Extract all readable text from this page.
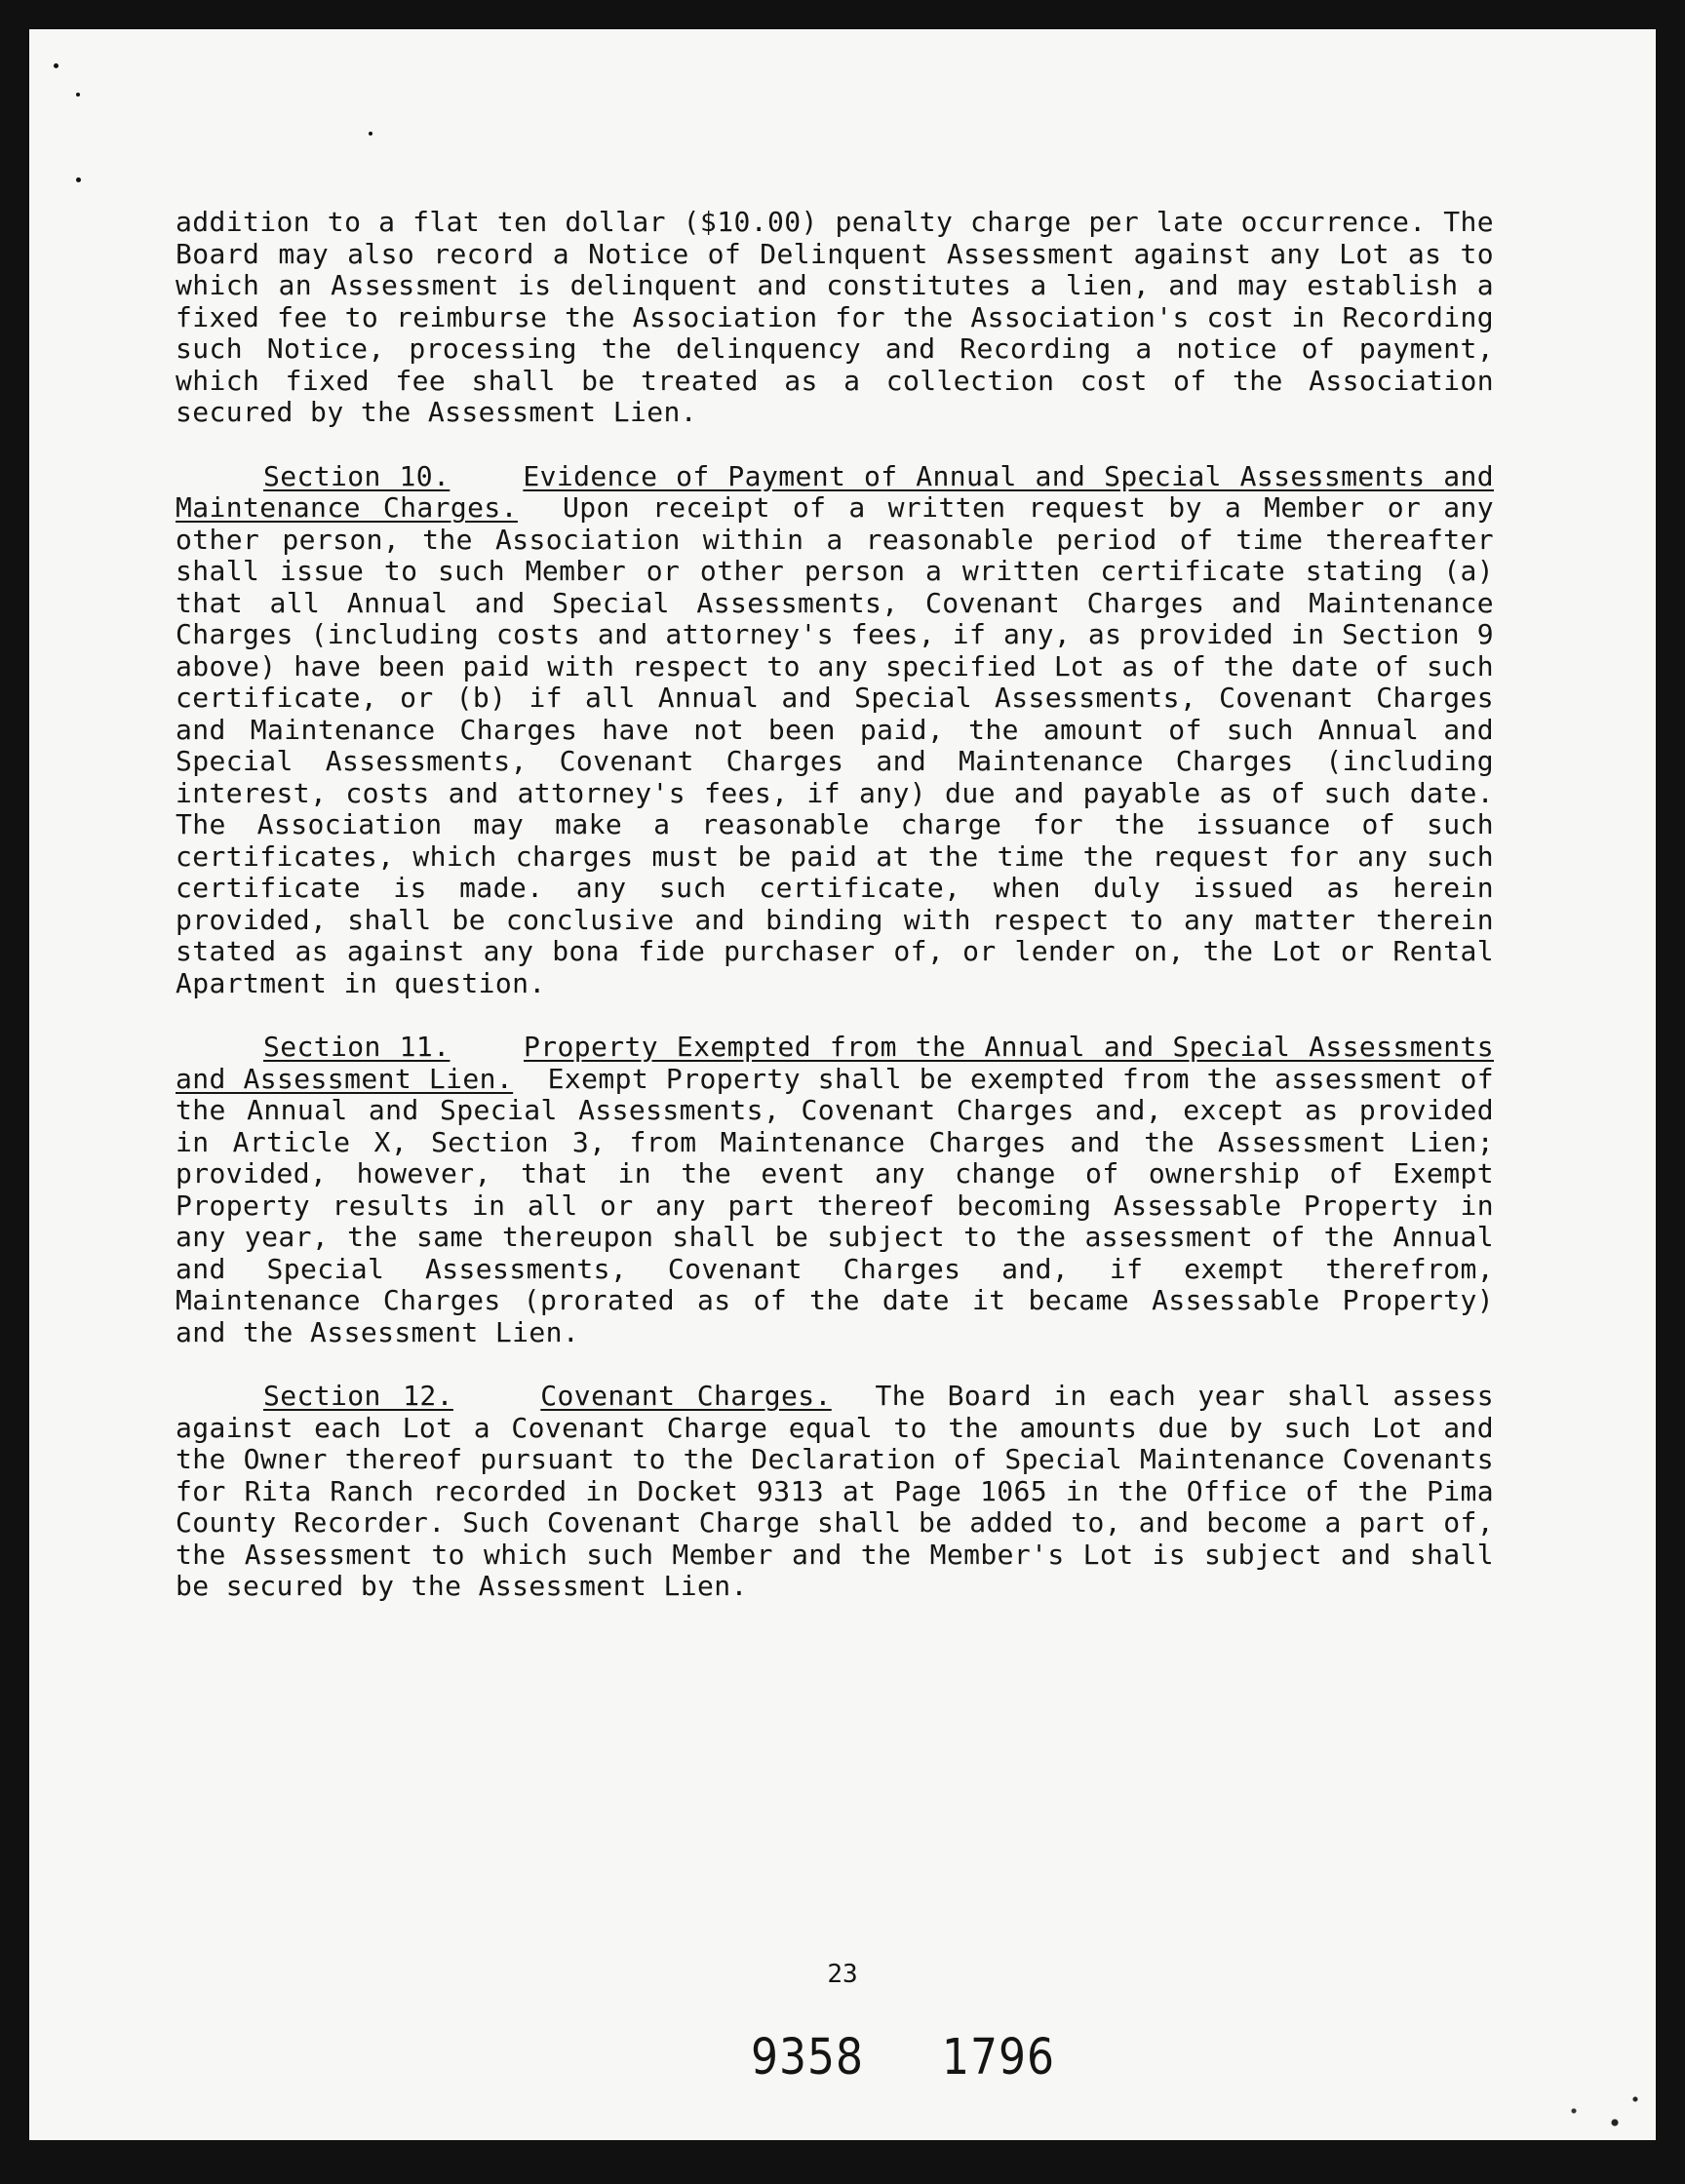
addition to a flat ten dollar ($10.00) penalty charge per late occurrence. The Board may also record a Notice of Delinquent Assessment against any Lot as to which an Assessment is delinquent and constitutes a lien, and may establish a fixed fee to reimburse the Association for the Association's cost in Recording such Notice, processing the delinquency and Recording a notice of payment, which fixed fee shall be treated as a collection cost of the Association secured by the Assessment Lien.

Section 10.	Evidence of Payment of Annual and Special Assessments and Maintenance Charges. Upon receipt of a written request by a Member or any other person, the Association within a reasonable period of time thereafter shall issue to such Member or other person a written certificate stating (a) that all Annual and Special Assessments, Covenant Charges and Maintenance Charges (including costs and attorney's fees, if any, as provided in Section 9 above) have been paid with respect to any specified Lot as of the date of such certificate, or (b) if all Annual and Special Assessments, Covenant Charges and Maintenance Charges have not been paid, the amount of such Annual and Special Assessments, Covenant Charges and Maintenance Charges (including interest, costs and attorney's fees, if any) due and payable as of such date. The Association may make a reasonable charge for the issuance of such certificates, which charges must be paid at the time the request for any such certificate is made. any such certificate, when duly issued as herein provided, shall be conclusive and binding with respect to any matter therein stated as against any bona fide purchaser of, or lender on, the Lot or Rental Apartment in question.

Section 11.	Property Exempted from the Annual and Special Assessments and Assessment Lien. Exempt Property shall be exempted from the assessment of the Annual and Special Assessments, Covenant Charges and, except as provided in Article X, Section 3, from Maintenance Charges and the Assessment Lien; provided, however, that in the event any change of ownership of Exempt Property results in all or any part thereof becoming Assessable Property in any year, the same thereupon shall be subject to the assessment of the Annual and Special Assessments, Covenant Charges and, if exempt therefrom, Maintenance Charges (prorated as of the date it became Assessable Property) and the Assessment Lien.

Section 12.	Covenant Charges. The Board in each year shall assess against each Lot a Covenant Charge equal to the amounts due by such Lot and the Owner thereof pursuant to the Declaration of Special Maintenance Covenants for Rita Ranch recorded in Docket 9313 at Page 1065 in the Office of the Pima County Recorder. Such Covenant Charge shall be added to, and become a part of, the Assessment to which such Member and the Member's Lot is subject and shall be secured by the Assessment Lien.

23
9358 1796
